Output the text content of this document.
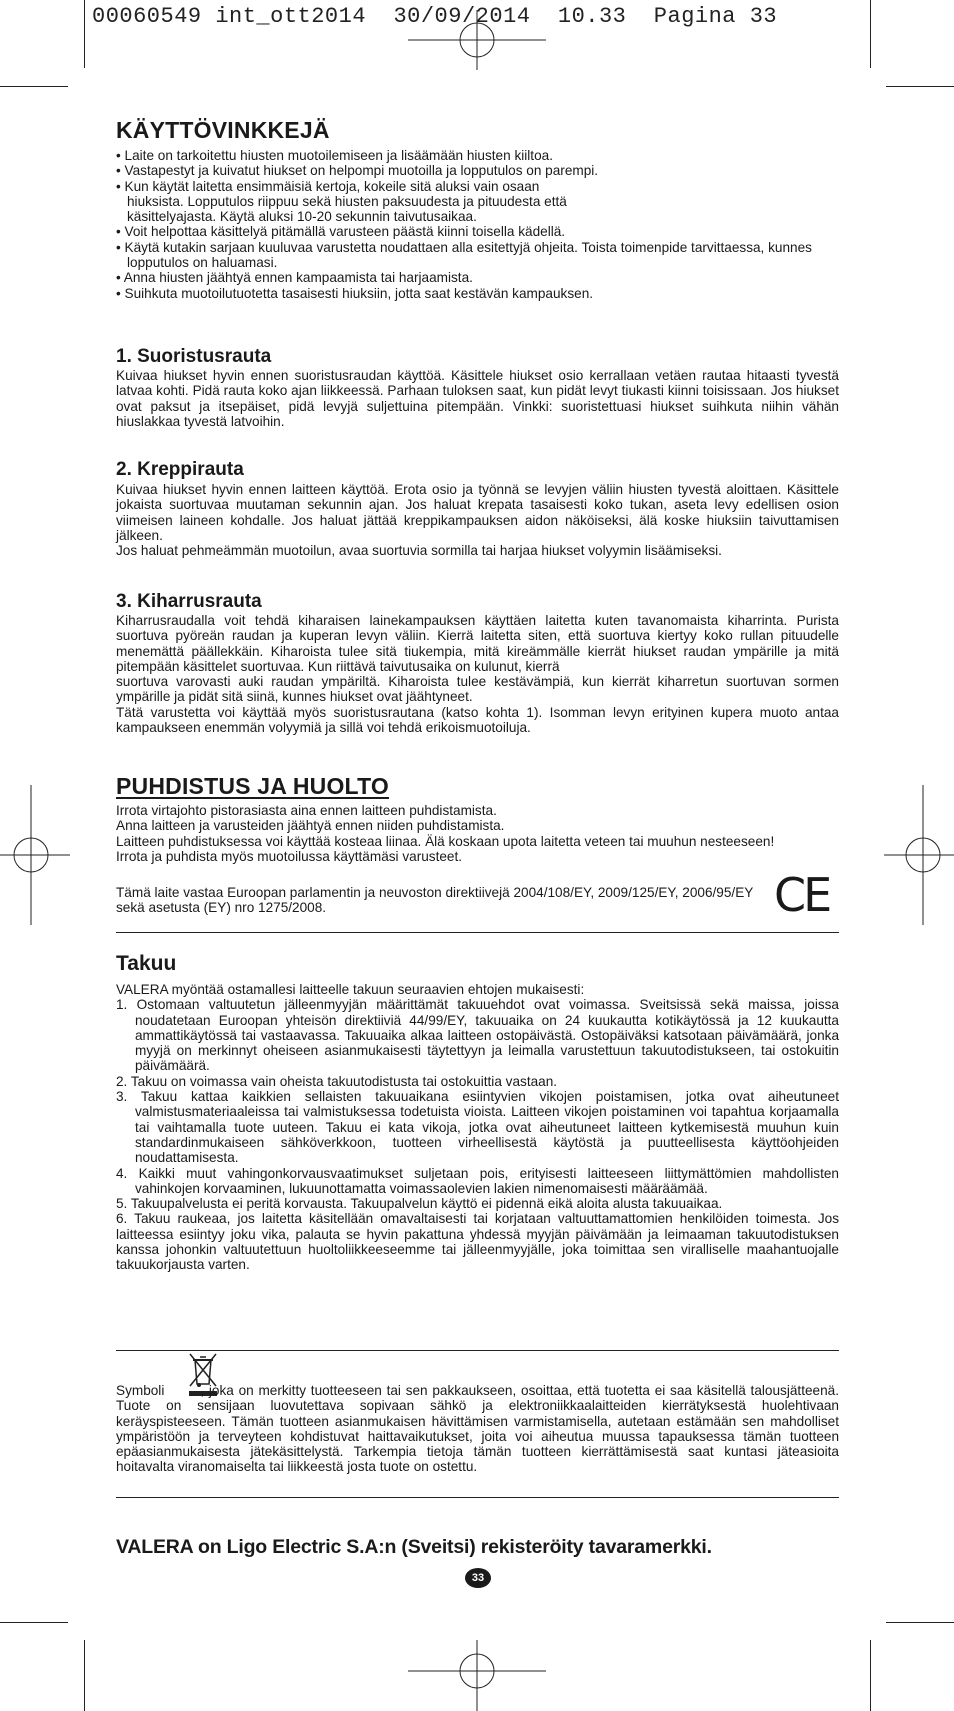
00060549 int_ott2014  30/09/2014  10.33  Pagina 33
KÄYTTÖVINKKEJÄ
• Laite on tarkoitettu hiusten muotoilemiseen ja lisäämään hiusten kiiltoa.
• Vastapestyt ja kuivatut hiukset on helpompi muotoilla ja lopputulos on parempi.
• Kun käytät laitetta ensimmäisiä kertoja, kokeile sitä aluksi vain osaan hiuksista. Lopputulos riippuu sekä hiusten paksuudesta ja pituudesta että käsittelyajasta. Käytä aluksi 10-20 sekunnin taivutusaikaa.
• Voit helpottaa käsittelyä pitämällä varusteen päästä kiinni toisella kädellä.
• Käytä kutakin sarjaan kuuluvaa varustetta noudattaen alla esitettyjä ohjeita. Toista toimenpide tarvittaessa, kunnes lopputulos on haluamasi.
• Anna hiusten jäähtyä ennen kampaamista tai harjaamista.
• Suihkuta muotoilutuotetta tasaisesti hiuksiin, jotta saat kestävän kampauksen.
1. Suoristusrauta
Kuivaa hiukset hyvin ennen suoristusraudan käyttöä. Käsittele hiukset osio kerrallaan vetäen rautaa hitaasti tyvestä latvaa kohti. Pidä rauta koko ajan liikkeessä. Parhaan tuloksen saat, kun pidät levyt tiukasti kiinni toisissaan. Jos hiukset ovat paksut ja itsepäiset, pidä levyjä suljettuina pitempään. Vinkki: suoristettuasi hiukset suihkuta niihin vähän hiuslakkaa tyvestä latvoihin.
2. Kreppirauta
Kuivaa hiukset hyvin ennen laitteen käyttöä. Erota osio ja työnnä se levyjen väliin hiusten tyvestä aloittaen. Käsittele jokaista suortuvaa muutaman sekunnin ajan. Jos haluat krepata tasaisesti koko tukan, aseta levy edellisen osion viimeisen laineen kohdalle. Jos haluat jättää kreppikampauksen aidon näköiseksi, älä koske hiuksiin taivuttamisen jälkeen.
Jos haluat pehmeämmän muotoilun, avaa suortuvia sormilla tai harjaa hiukset volyymin lisäämiseksi.
3. Kiharrusrauta
Kiharrusraudalla voit tehdä kiharaisen lainekampauksen käyttäen laitetta kuten tavanomaista kiharrinta. Purista suortuva pyöreän raudan ja kuperan levyn väliin. Kierrä laitetta siten, että suortuva kiertyy koko rullan pituudelle menemättä päällekkäin. Kiharoista tulee sitä tiukempia, mitä kireämmälle kierrät hiukset raudan ympärille ja mitä pitempään käsittelet suortuvaa. Kun riittävä taivutusaika on kulunut, kierrä
suortuva varovasti auki raudan ympäriltä. Kiharoista tulee kestävämpiä, kun kierrät kiharretun suortuvan sormen ympärille ja pidät sitä siinä, kunnes hiukset ovat jäähtyneet.
Tätä varustetta voi käyttää myös suoristusrautana (katso kohta 1). Isomman levyn erityinen kupera muoto antaa kampaukseen enemmän volyymiä ja sillä voi tehdä erikoismuotoiluja.
PUHDISTUS JA HUOLTO
Irrota virtajohto pistorasiasta aina ennen laitteen puhdistamista.
Anna laitteen ja varusteiden jäähtyä ennen niiden puhdistamista.
Laitteen puhdistuksessa voi käyttää kosteaa liinaa. Älä koskaan upota laitetta veteen tai muuhun nesteeseen!
Irrota ja puhdista myös muotoilussa käyttämäsi varusteet.
Tämä laite vastaa Euroopan parlamentin ja neuvoston direktiivejä 2004/108/EY, 2009/125/EY, 2006/95/EY sekä asetusta (EY) nro 1275/2008.	CE
Takuu
VALERA myöntää ostamallesi laitteelle takuun seuraavien ehtojen mukaisesti:
1. Ostomaan valtuutetun jälleenmyyjän määrittämät takuuehdot ovat voimassa. Sveitsissä sekä maissa, joissa noudatetaan Euroopan yhteisön direktiiviä 44/99/EY, takuuaika on 24 kuukautta kotikäytössä ja 12 kuukautta ammattikäytössä tai vastaavassa. Takuuaika alkaa laitteen ostopäivästä. Ostopäiväksi katsotaan päivämäärä, jonka myyjä on merkinnyt oheiseen asianmukaisesti täytettyyn ja leimalla varustettuun takuutodistukseen, tai ostokuitin päivämäärä.
2. Takuu on voimassa vain oheista takuutodistusta tai ostokuittia vastaan.
3. Takuu kattaa kaikkien sellaisten takuuaikana esiintyvien vikojen poistamisen, jotka ovat aiheutuneet valmistusmateriaaleissa tai valmistuksessa todetuista vioista. Laitteen vikojen poistaminen voi tapahtua korjaamalla tai vaihtamalla tuote uuteen. Takuu ei kata vikoja, jotka ovat aiheutuneet laitteen kytkemisestä muuhun kuin standardinmukaiseen sähköverkkoon, tuotteen virheellisestä käytöstä ja puutteellisesta käyttöohjeiden noudattamisesta.
4. Kaikki muut vahingonkorvausvaatimukset suljetaan pois, erityisesti laitteeseen liittymättömien mahdollisten vahinkojen korvaaminen, lukuunottamatta voimassaolevien lakien nimenomaisesti määräämää.
5. Takuupalvelusta ei peritä korvausta. Takuupalvelun käyttö ei pidennä eikä aloita alusta takuuaikaa.
6. Takuu raukeaa, jos laitetta käsitellään omavaltaisesti tai korjataan valtuuttamattomien henkilöiden toimesta. Jos laitteessa esiintyy joku vika, palauta se hyvin pakattuna yhdessä myyjän päivämään ja leimaaman takuutodistuksen kanssa johonkin valtuutettuun huoltoliikkeeseemme tai jälleenmyyjälle, joka toimittaa sen viralliselle maahantuojalle takuukorjausta varten.
Symboli	, joka on merkitty tuotteeseen tai sen pakkaukseen, osoittaa, että tuotetta ei saa käsitellä talousjätteenä. Tuote on sensijaan luovutettava sopivaan sähkö ja elektroniikkaalaitteiden kierrätyksestä huolehtivaan keräyspisteeseen. Tämän tuotteen asianmukaisen hävittämisen varmistamisella, autetaan estämään sen mahdolliset ympäristöön ja terveyteen kohdistuvat haittavaikutukset, joita voi aiheutua muussa tapauksessa tämän tuotteen epäasianmukaisesta jätekäsittelystä. Tarkempia tietoja tämän tuotteen kierrättämisestä saat kuntasi jäteasioita hoitavalta viranomaiselta tai liikkeestä josta tuote on ostettu.
VALERA on Ligo Electric S.A:n (Sveitsi) rekisteröity tavaramerkki.
33
